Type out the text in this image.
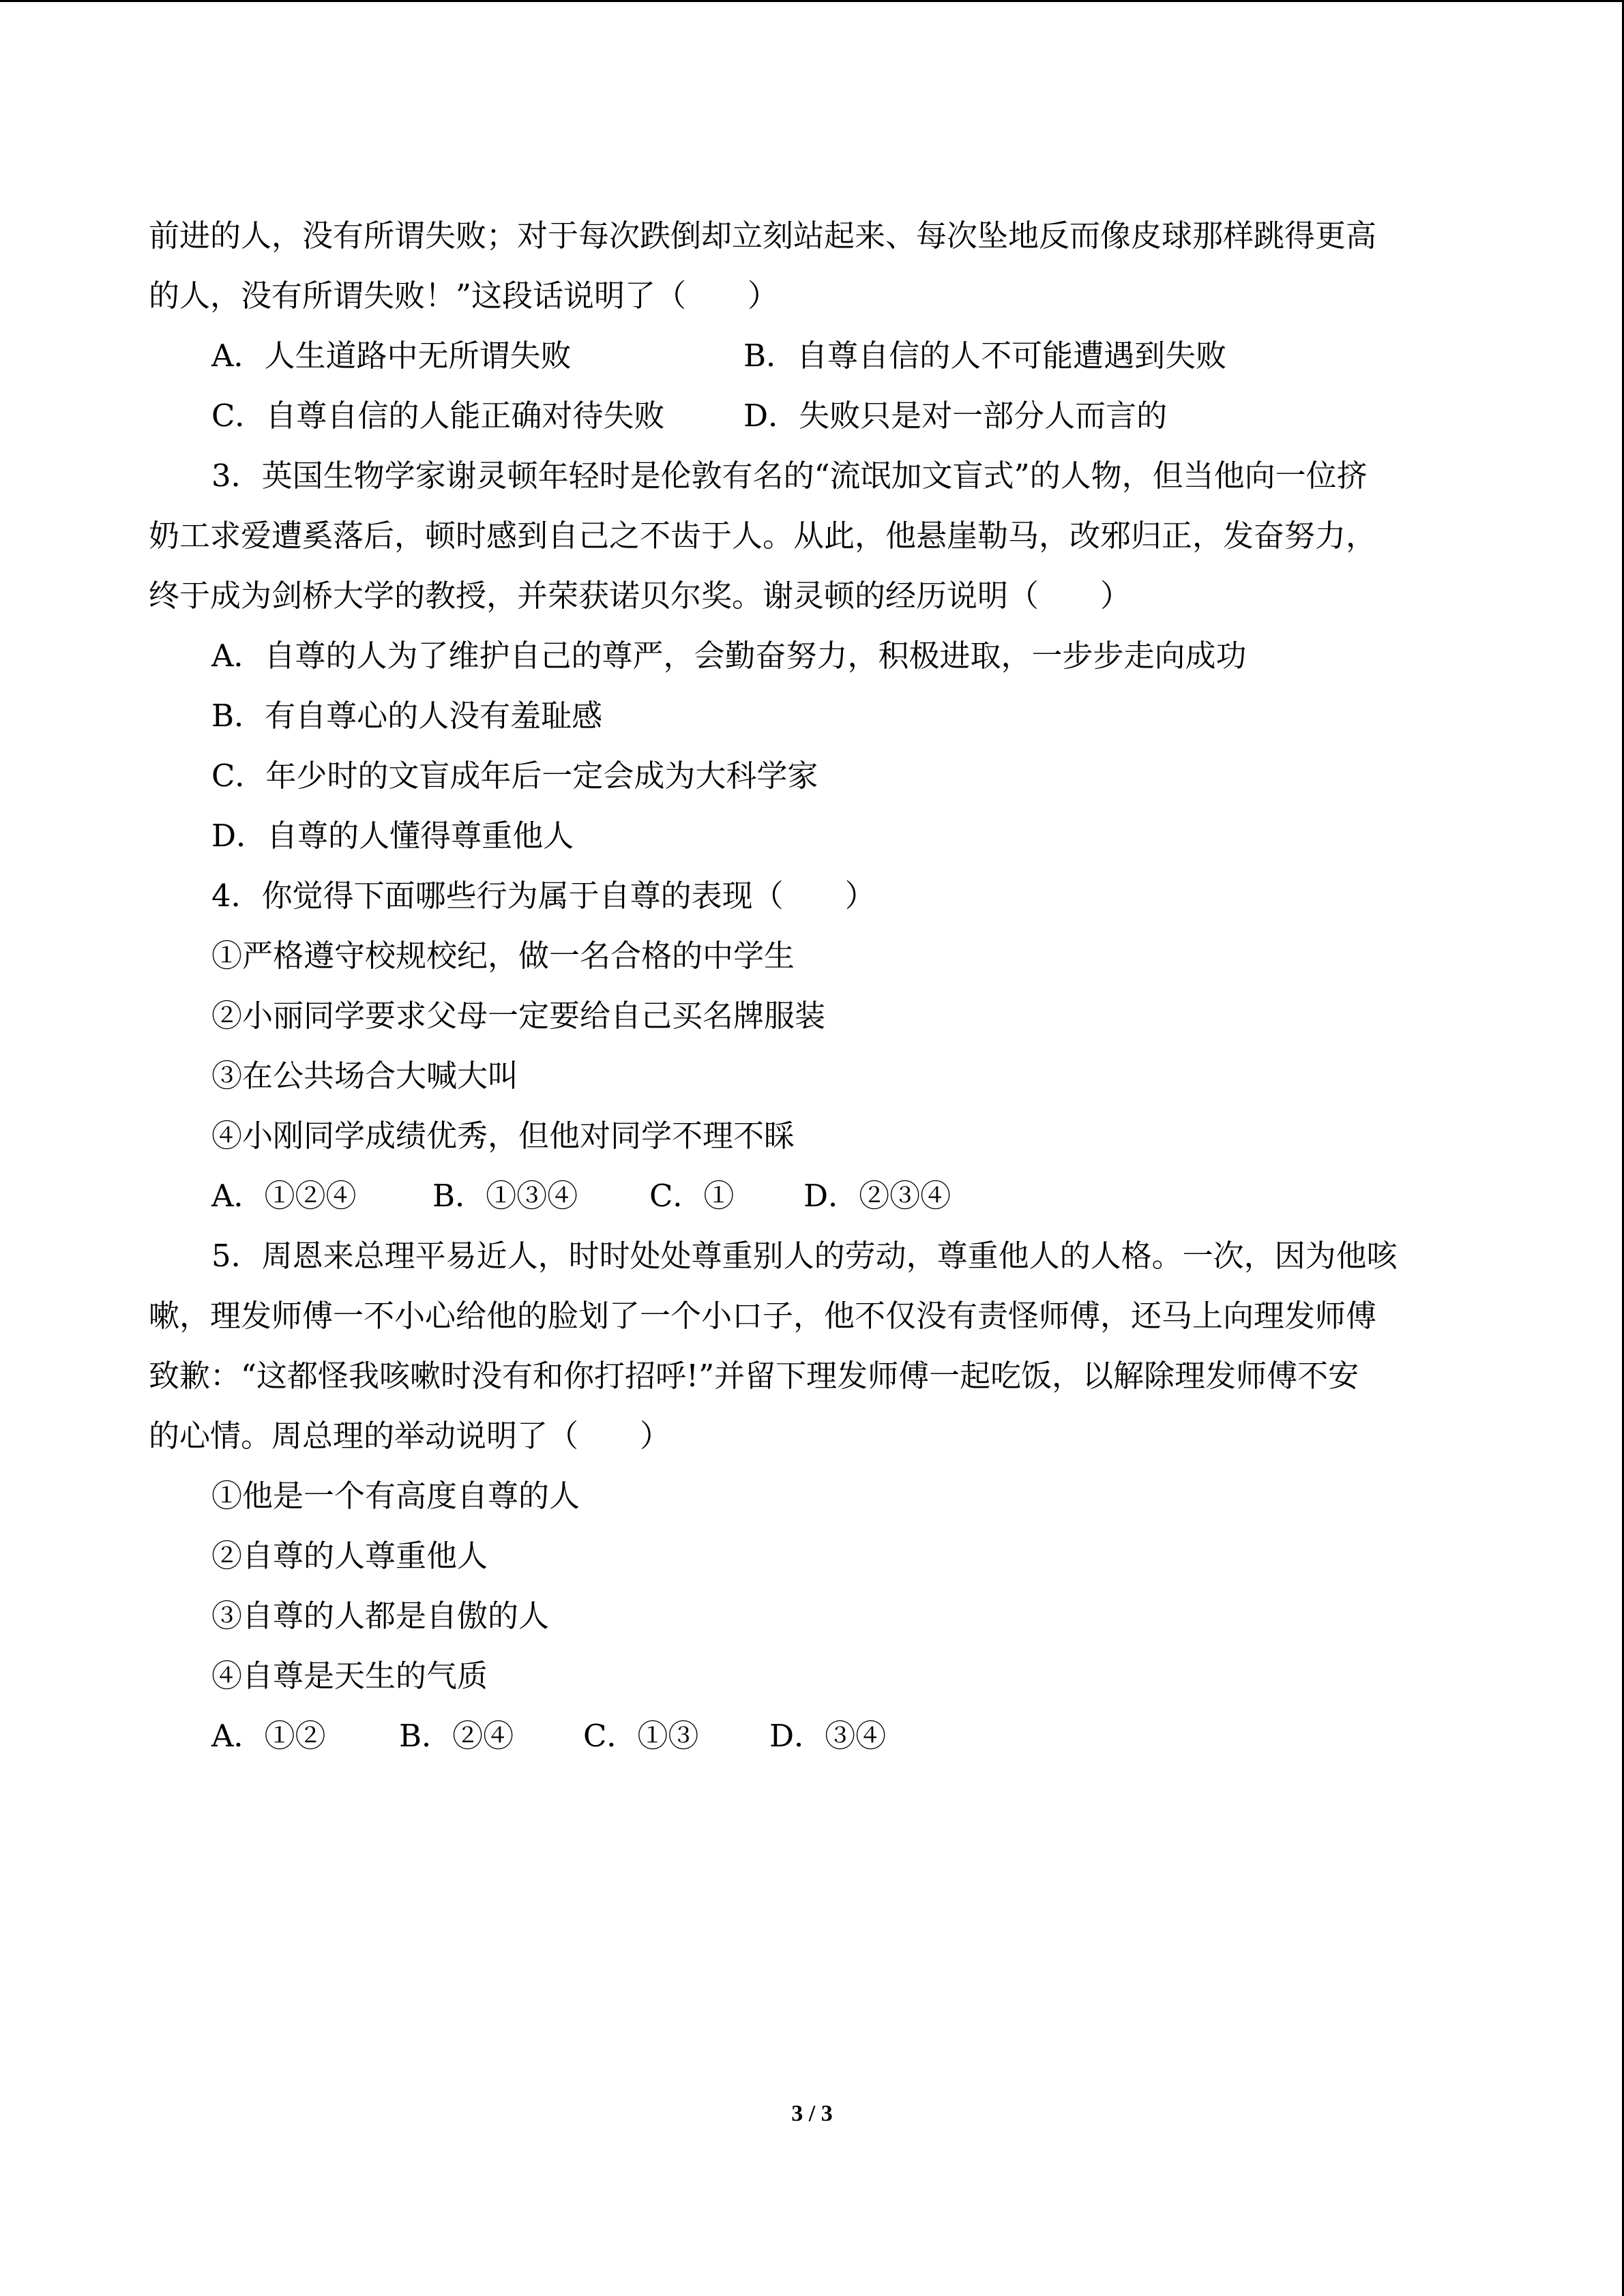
前进的人，没有所谓失败；对于每次跌倒却立刻站起来、每次坠地反而像皮球那样跳得更高
的人，没有所谓失败！”这段话说明了（　　）

A．人生道路中无所谓失败

	B．自尊自信的人不可能遭遇到失败

C．自尊自信的人能正确对待失败

	D．失败只是对一部分人而言的

3．英国生物学家谢灵顿年轻时是伦敦有名的“流氓加文盲式”的人物，但当他向一位挤
奶工求爱遭奚落后，顿时感到自己之不齿于人。从此，他悬崖勒马，改邪归正，发奋努力，
终于成为剑桥大学的教授，并荣获诺贝尔奖。谢灵顿的经历说明（　　）
A．自尊的人为了维护自己的尊严，会勤奋努力，积极进取，一步步走向成功
B．有自尊心的人没有羞耻感
C．年少时的文盲成年后一定会成为大科学家
D．自尊的人懂得尊重他人
4．你觉得下面哪些行为属于自尊的表现（　　）
①严格遵守校规校纪，做一名合格的中学生
②小丽同学要求父母一定要给自己买名牌服装
③在公共场合大喊大叫
④小刚同学成绩优秀，但他对同学不理不睬

A．①②④

B．①③④

C．①

D．②③④

5．周恩来总理平易近人，时时处处尊重别人的劳动，尊重他人的人格。一次，因为他咳
嗽，理发师傅一不小心给他的脸划了一个小口子，他不仅没有责怪师傅，还马上向理发师傅
致歉：“这都怪我咳嗽时没有和你打招呼!”并留下理发师傅一起吃饭，以解除理发师傅不安
的心情。周总理的举动说明了（　　）
①他是一个有高度自尊的人
②自尊的人尊重他人
③自尊的人都是自傲的人
④自尊是天生的气质

A．①②

B．②④

C．①③

D．③④

3 / 3
